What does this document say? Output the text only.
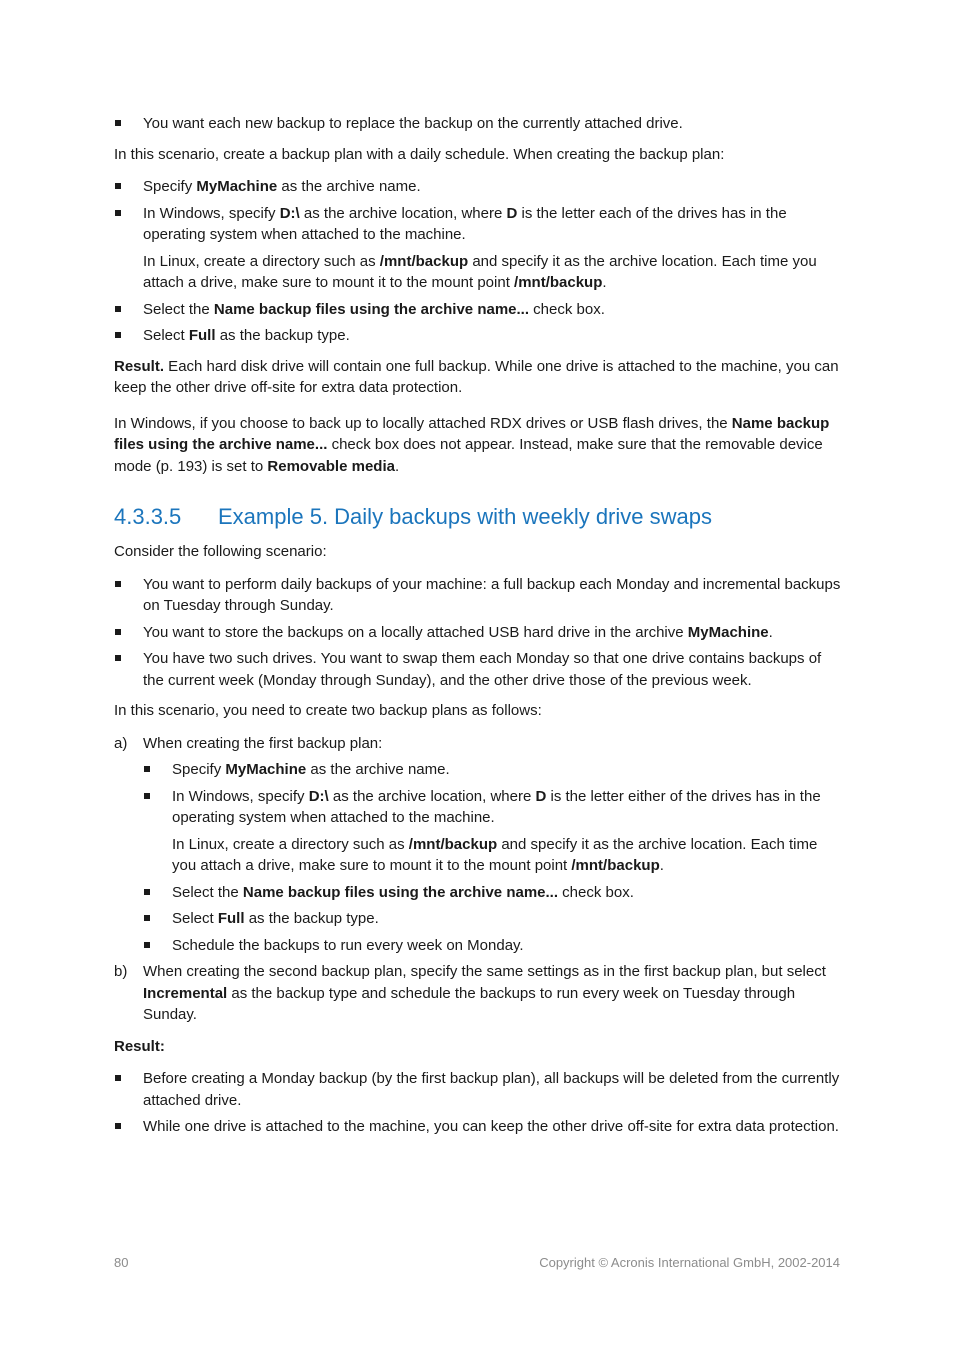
You want each new backup to replace the backup on the currently attached drive.

In this scenario, create a backup plan with a daily schedule. When creating the backup plan:

Specify MyMachine as the archive name.
In Windows, specify D:\ as the archive location, where D is the letter each of the drives has in the operating system when attached to the machine.

In Linux, create a directory such as /mnt/backup and specify it as the archive location. Each time you attach a drive, make sure to mount it to the mount point /mnt/backup.

Select the Name backup files using the archive name... check box.
Select Full as the backup type.

Result. Each hard disk drive will contain one full backup. While one drive is attached to the machine, you can keep the other drive off-site for extra data protection.

In Windows, if you choose to back up to locally attached RDX drives or USB flash drives, the Name backup files using the archive name... check box does not appear. Instead, make sure that the removable device mode (p. 193) is set to Removable media.

4.3.3.5 Example 5. Daily backups with weekly drive swaps

Consider the following scenario:

You want to perform daily backups of your machine: a full backup each Monday and incremental backups on Tuesday through Sunday.
You want to store the backups on a locally attached USB hard drive in the archive MyMachine.
You have two such drives. You want to swap them each Monday so that one drive contains backups of the current week (Monday through Sunday), and the other drive those of the previous week.

In this scenario, you need to create two backup plans as follows:

a) When creating the first backup plan:
Specify MyMachine as the archive name.
In Windows, specify D:\ as the archive location, where D is the letter either of the drives has in the operating system when attached to the machine.

In Linux, create a directory such as /mnt/backup and specify it as the archive location. Each time you attach a drive, make sure to mount it to the mount point /mnt/backup.

Select the Name backup files using the archive name... check box.
Select Full as the backup type.
Schedule the backups to run every week on Monday.
b) When creating the second backup plan, specify the same settings as in the first backup plan, but select Incremental as the backup type and schedule the backups to run every week on Tuesday through Sunday.

Result:

Before creating a Monday backup (by the first backup plan), all backups will be deleted from the currently attached drive.
While one drive is attached to the machine, you can keep the other drive off-site for extra data protection.
80	Copyright © Acronis International GmbH, 2002-2014
